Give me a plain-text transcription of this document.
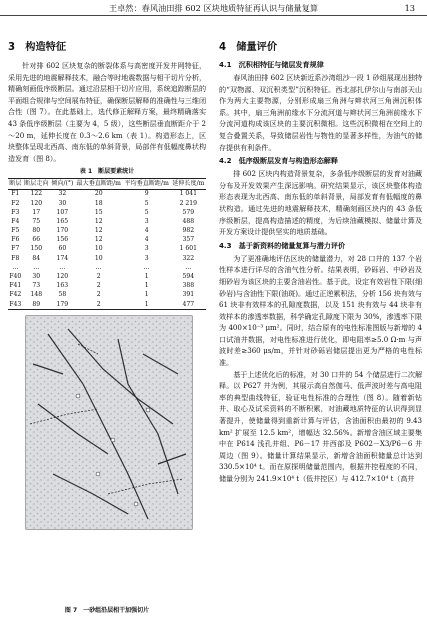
王卓然：春风油田排 602 区块地质特征再认识与储量复算	13
3　构造特征

针对排 602 区块复杂的断裂体系与高密度开发井网特征，采用先进的地震解释技术，融合等时地震数据与相干切片分析，精确刻画低序级断层。通过沿层相干切片应用，系统追踪断层的平面组合规律与空间展布特征，确保断层解释的准确性与三维闭合性（图 7）。在此基础上，选代修正解释方案，最终精确落实 43 条低序级断层（主要为 4，5 级），这些断层垂直断距介于 2～20 m，延伸长度在 0.3～2.6 km（表 1）。构造形态上，区块整体呈现北西高、南东低的单斜背景，局部伴有低幅度鼻状构造发育（图 8）。

表 1　断层要素统计
断层	断层走向	倾向/(°)	最大垂直断距/m	平均垂直断距/m	延伸长度/m
F1	122	32	20	9	1 041
F2	120	30	18	5	2 219
F3	17	107	15	5	579
F4	75	165	12	3	488
F5	80	170	12	4	982
F6	66	156	12	4	357
F7	150	60	10	3	1 601
F8	84	174	10	3	322
…	…	…	…	…	…
F40	30	120	2	1	594
F41	73	163	2	1	388
F42	148	58	2	1	391
F43	89	179	2	1	477
图 7　一砂组沿层相干加强切片
4　储量评价
4.1　沉积相特征与储层发育规律

春风油田排 602 区块新近系沙湾组沙一段 1 砂组展现出独特的“双物源、双沉积类型”沉积特征。西北部扎伊尔山与南部天山作为两大主要物源，分别形成扇三角洲与辫状河三角洲沉积体系。其中，扇三角洲前缘水下分流河道与辫状河三角洲前缘水下分流河道构成该区块的主要沉积微相。这些沉积微相在空间上的复合叠置关系，导致储层岩性与物性的显著多样性，为油气的储存提供有利条件。

4.2　低序级断层发育与构造形态解释

排 602 区块内构造背景复杂，多条低序级断层的发育对油藏分布及开发效果产生深远影响。研究结果显示，该区块整体构造形态表现为北西高、南东低的单斜背景，局部发育有低幅度的鼻状构造。通过先进的地震解释技术，精确刻画区块内的 43 条低序级断层，提高构造描述的精度，为后续油藏模拟、储量计算及开发方案设计提供坚实的地质基础。

4.3　基于新资料的储量复算与潜力评价

为了更准确地评估区块的储量潜力，对 28 口井的 137 个岩性样本进行详尽的含油气性分析。结果表明，砂砾岩、中砂岩及细砂岩为该区块的主要含油岩性。基于此，设定有效岩性下限(细砂岩)与含油性下限(油斑)。通过正逆累积法，分析 156 块有效与 61 块非有效样本的孔隙度数据，以及 151 块有效与 44 块非有效样本的渗透率数据，科学确定孔隙度下限为 30%，渗透率下限为 400×10⁻³ μm²。同时，结合原有的电性标准图版与新增的 4 口试油井数据，对电性标准进行优化，即电阻率≥5.0 Ω·m 与声波时差≥360 μs/m，并针对砂砾岩储层提出更为严格的电性标准。

基于上述优化后的标准，对 30 口井的 54 个储层进行二次解释。以 P627 井为例，其展示高自然伽马、低声波时差与高电阻率的典型曲线特征，验证电性标准的合理性（图 8）。随着新钻井、取心及试采资料的不断积累，对油藏地质特征的认识得到显著提升，使储量得到重新计算与评估，含油面积由最初的 9.43 km² 扩展至 12.5 km²，增幅达 32.56%。新增含油区域主要集中在 P614 浅孔井组、P6－17 井西部及 P602－X3/P6－6 井周边（图 9）。储量计算结果显示，新增含油面积储量总计达到 330.5×10⁴ t。而在原探明储量范围内，根据井控程度的不同，储量分别为 241.9×10⁴ t（低井控区）与 412.7×10⁴ t（高井
